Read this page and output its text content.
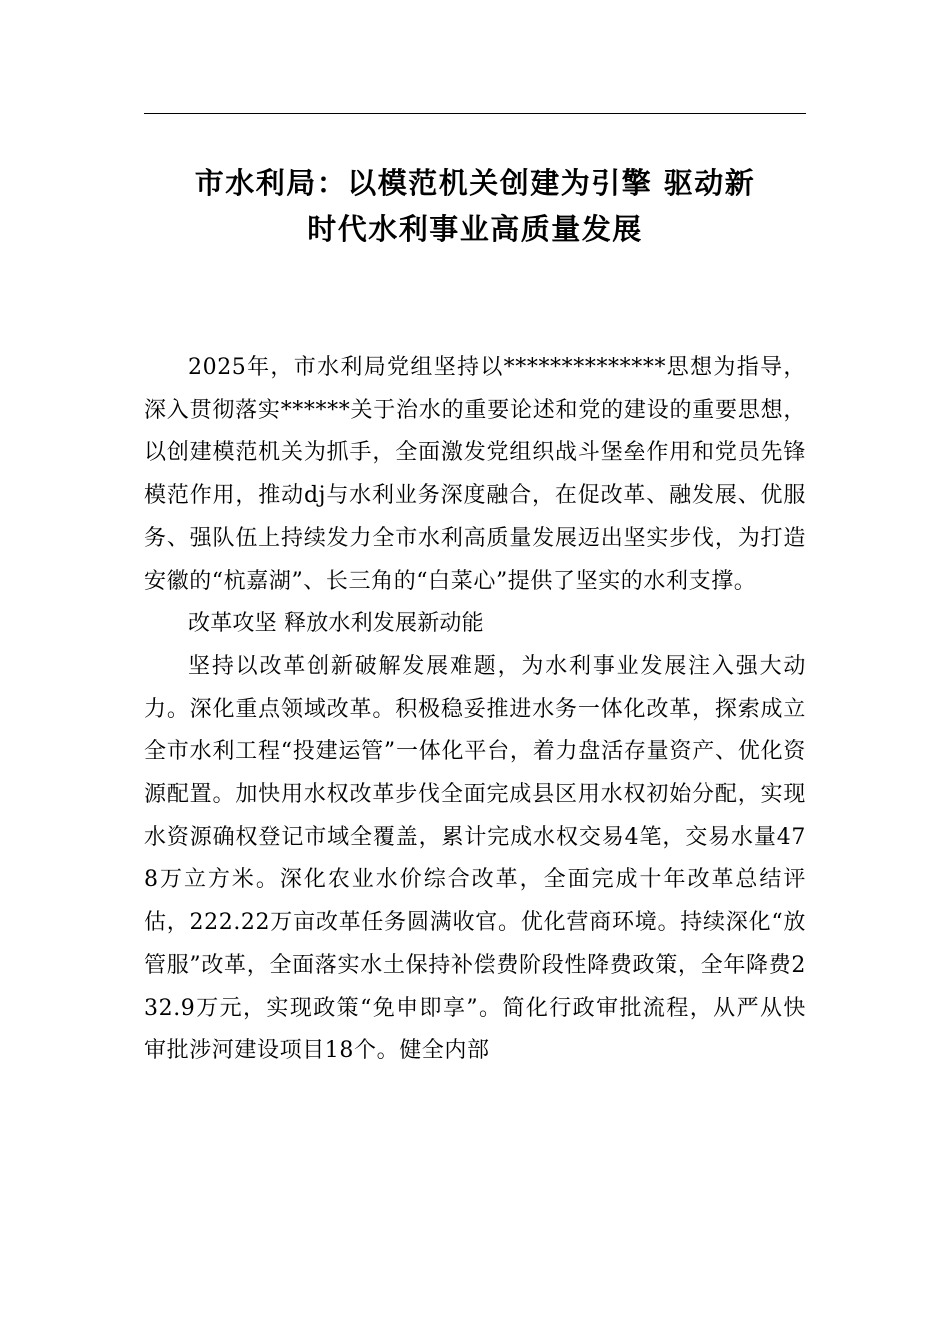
市水利局：以模范机关创建为引擎 驱动新
时代水利事业高质量发展

2025年，市水利局党组坚持以**************思想为指导，深入贯彻落实******关于治水的重要论述和党的建设的重要思想，以创建模范机关为抓手，全面激发党组织战斗堡垒作用和党员先锋模范作用，推动dj与水利业务深度融合，在促改革、融发展、优服务、强队伍上持续发力全市水利高质量发展迈出坚实步伐，为打造安徽的“杭嘉湖”、长三角的“白菜心”提供了坚实的水利支撑。

改革攻坚 释放水利发展新动能

坚持以改革创新破解发展难题，为水利事业发展注入强大动力。深化重点领域改革。积极稳妥推进水务一体化改革，探索成立全市水利工程“投建运管”一体化平台，着力盘活存量资产、优化资源配置。加快用水权改革步伐全面完成县区用水权初始分配，实现水资源确权登记市域全覆盖，累计完成水权交易4笔，交易水量478万立方米。深化农业水价综合改革，全面完成十年改革总结评估，222.22万亩改革任务圆满收官。优化营商环境。持续深化“放管服”改革，全面落实水土保持补偿费阶段性降费政策，全年降费232.9万元，实现政策“免申即享”。简化行政审批流程，从严从快审批涉河建设项目18个。健全内部
